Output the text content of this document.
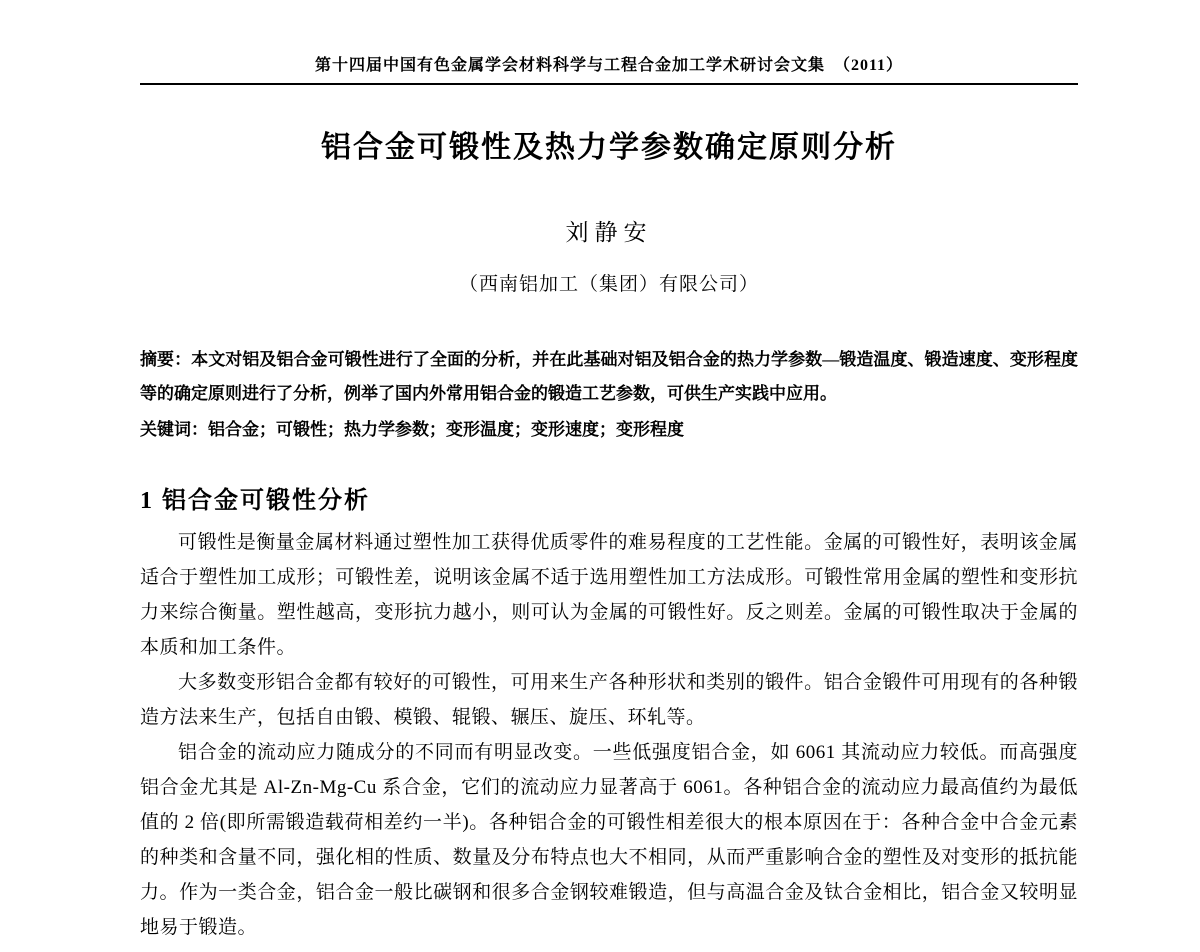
第十四届中国有色金属学会材料科学与工程合金加工学术研讨会文集　（2011）
铝合金可锻性及热力学参数确定原则分析
刘静安
（西南铝加工（集团）有限公司）
摘要：本文对铝及铝合金可锻性进行了全面的分析，并在此基础对铝及铝合金的热力学参数—锻造温度、锻造速度、变形程度等的确定原则进行了分析，例举了国内外常用铝合金的锻造工艺参数，可供生产实践中应用。
关键词：铝合金；可锻性；热力学参数；变形温度；变形速度；变形程度
1 铝合金可锻性分析

可锻性是衡量金属材料通过塑性加工获得优质零件的难易程度的工艺性能。金属的可锻性好，表明该金属适合于塑性加工成形；可锻性差，说明该金属不适于选用塑性加工方法成形。可锻性常用金属的塑性和变形抗力来综合衡量。塑性越高，变形抗力越小，则可认为金属的可锻性好。反之则差。金属的可锻性取决于金属的本质和加工条件。

大多数变形铝合金都有较好的可锻性，可用来生产各种形状和类别的锻件。铝合金锻件可用现有的各种锻造方法来生产，包括自由锻、模锻、辊锻、辗压、旋压、环轧等。

铝合金的流动应力随成分的不同而有明显改变。一些低强度铝合金，如 6061 其流动应力较低。而高强度铝合金尤其是 Al-Zn-Mg-Cu 系合金，它们的流动应力显著高于 6061。各种铝合金的流动应力最高值约为最低值的 2 倍(即所需锻造载荷相差约一半)。各种铝合金的可锻性相差很大的根本原因在于：各种合金中合金元素的种类和含量不同，强化相的性质、数量及分布特点也大不相同，从而严重影响合金的塑性及对变形的抵抗能力。作为一类合金，铝合金一般比碳钢和很多合金钢较难锻造，但与高温合金及钛合金相比，铝合金又较明显地易于锻造。
